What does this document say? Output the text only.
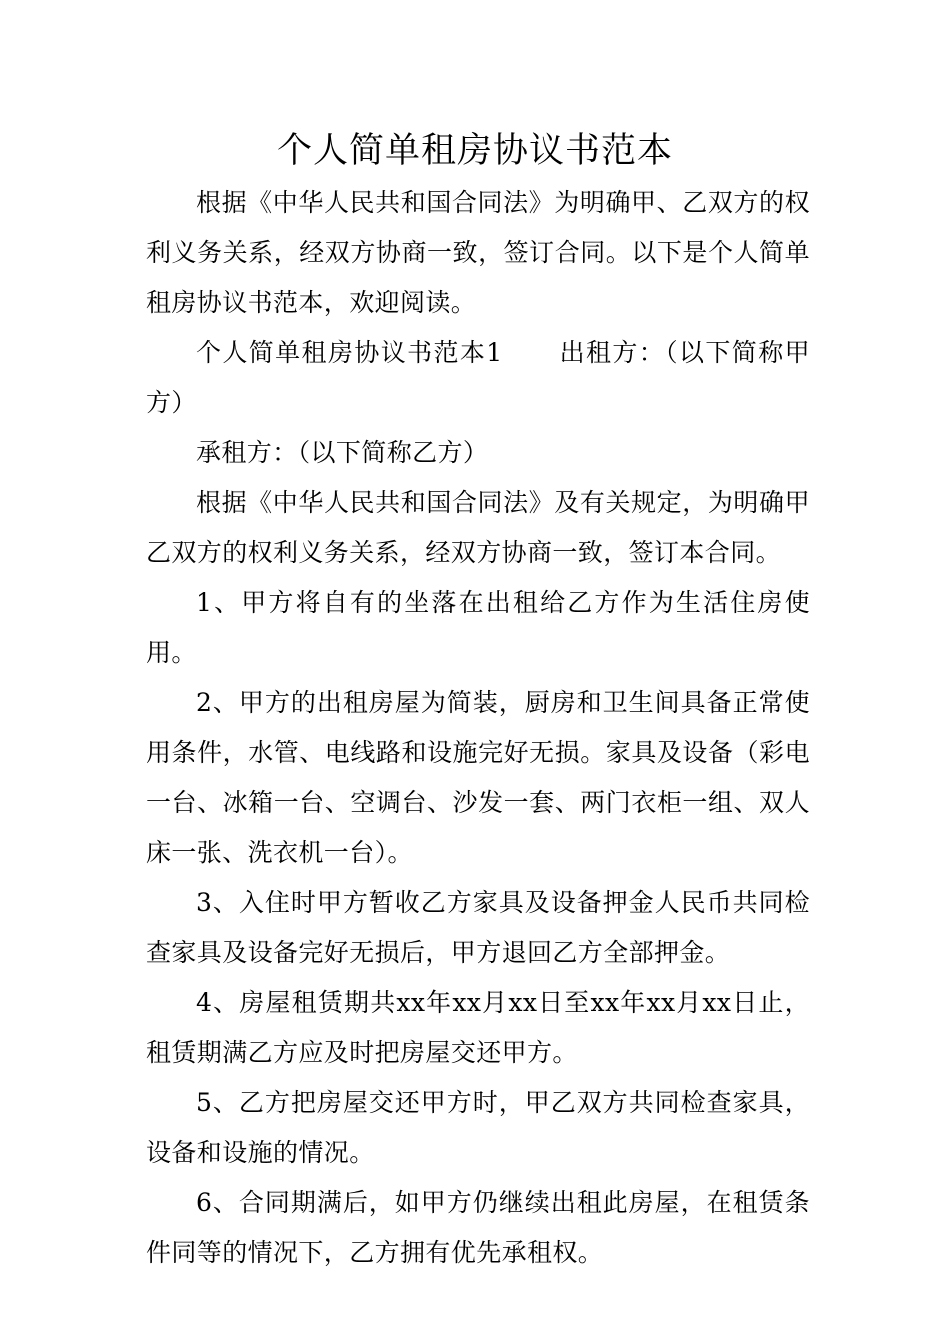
个人简单租房协议书范本

根据《中华人民共和国合同法》为明确甲、乙双方的权利义务关系，经双方协商一致，签订合同。以下是个人简单租房协议书范本，欢迎阅读。

个人简单租房协议书范本1 出租方：（以下简称甲方）

承租方：（以下简称乙方）

根据《中华人民共和国合同法》及有关规定，为明确甲乙双方的权利义务关系，经双方协商一致，签订本合同。

1、甲方将自有的坐落在出租给乙方作为生活住房使用。

2、甲方的出租房屋为简装，厨房和卫生间具备正常使用条件，水管、电线路和设施完好无损。家具及设备（彩电一台、冰箱一台、空调台、沙发一套、两门衣柜一组、双人床一张、洗衣机一台）。

3、入住时甲方暂收乙方家具及设备押金人民币共同检查家具及设备完好无损后，甲方退回乙方全部押金。

4、房屋租赁期共xx年xx月xx日至xx年xx月xx日止，租赁期满乙方应及时把房屋交还甲方。

5、乙方把房屋交还甲方时，甲乙双方共同检查家具，设备和设施的情况。

6、合同期满后，如甲方仍继续出租此房屋，在租赁条件同等的情况下，乙方拥有优先承租权。
